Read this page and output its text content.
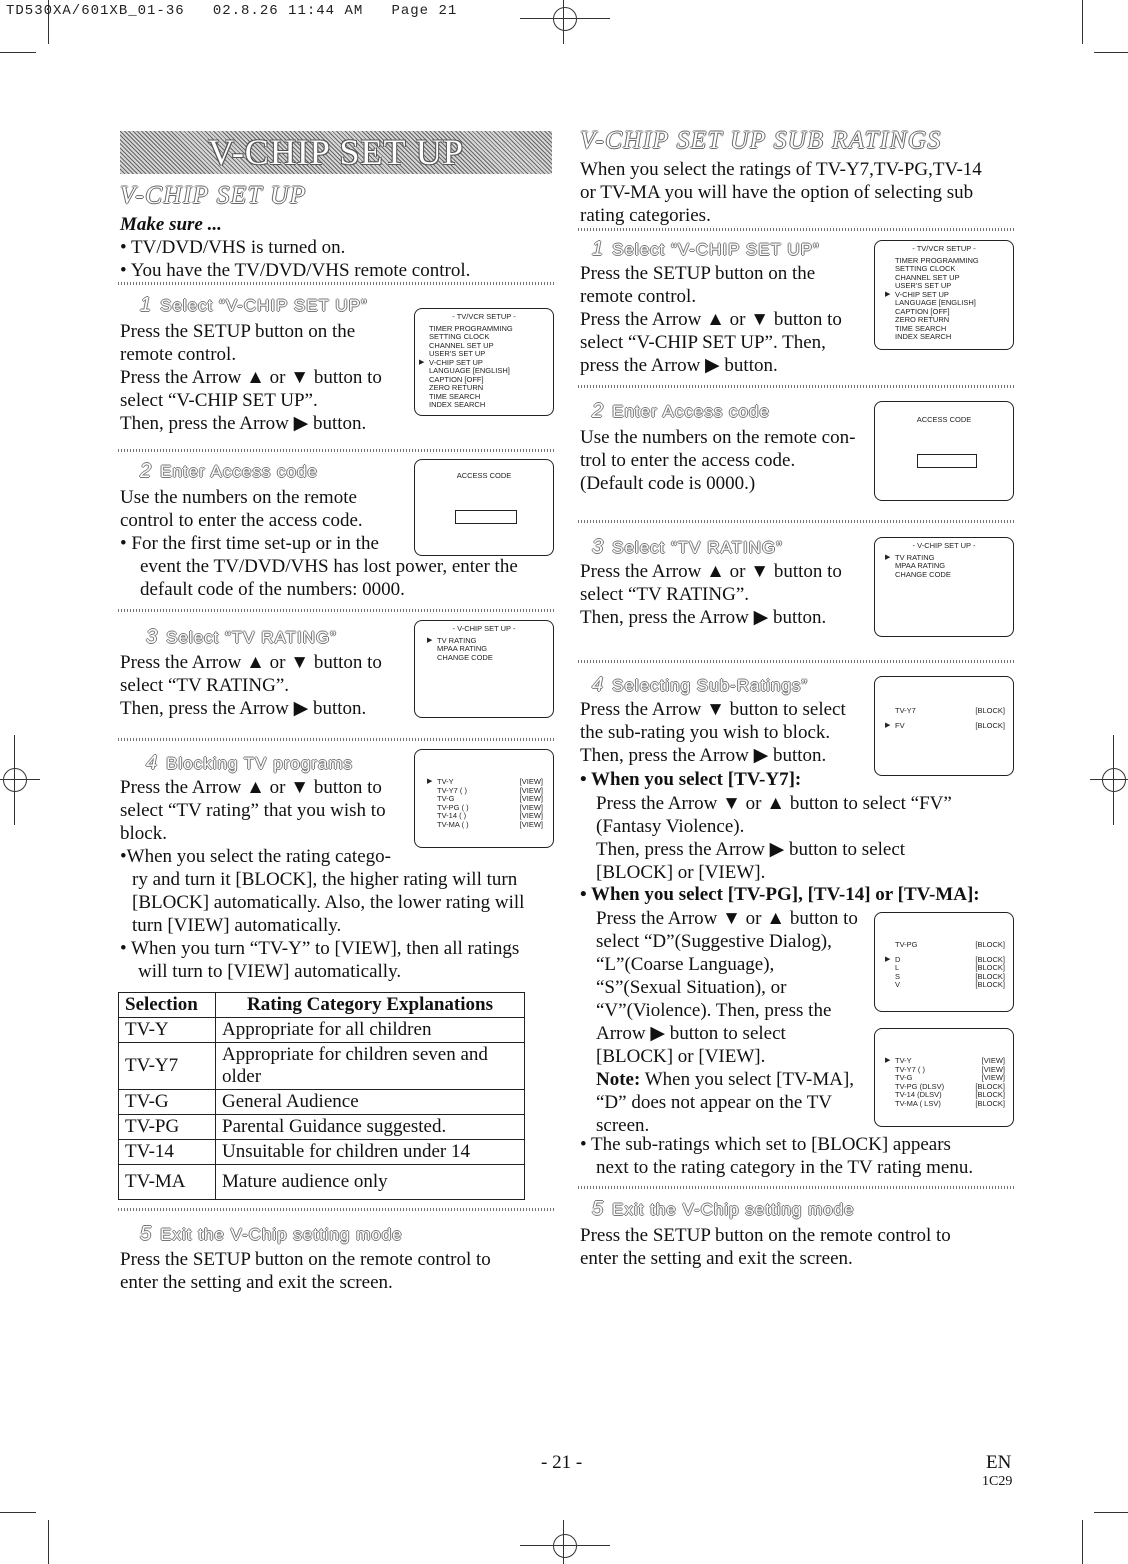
TD530XA/601XB_01-36   02.8.26 11:44 AM   Page 21
V-CHIP SET UP
V-CHIP SET UP
Make sure ...
• TV/DVD/VHS is turned on.
• You have the TV/DVD/VHS remote control.
1 Select “V-CHIP SET UP”
Press the SETUP button on the
remote control.
Press the Arrow ▲ or ▼ button to
select “V-CHIP SET UP”.
Then, press the Arrow ▶ button.
- TV/VCR SETUP -
TIMER PROGRAMMING
SETTING CLOCK
CHANNEL SET UP
USER'S SET UP
▶ V-CHIP SET UP
LANGUAGE [ENGLISH]
CAPTION [OFF]
ZERO RETURN
TIME SEARCH
INDEX SEARCH
2 Enter Access code
Use the numbers on the remote
control to enter the access code.
• For the first time set-up or in the
event the TV/DVD/VHS has lost power, enter the
default code of the numbers: 0000.
ACCESS CODE
3 Select “TV RATING”
Press the Arrow ▲ or ▼ button to
select “TV RATING”.
Then, press the Arrow ▶ button.
- V-CHIP SET UP -
▶ TV RATING
MPAA RATING
CHANGE CODE
4 Blocking TV programs
Press the Arrow ▲ or ▼ button to
select “TV rating” that you wish to
block.
•When you select the rating catego-
ry and turn it [BLOCK], the higher rating will turn
[BLOCK] automatically. Also, the lower rating will
turn [VIEW] automatically.
• When you turn “TV-Y” to [VIEW], then all ratings
will turn to [VIEW] automatically.
▶ TV-Y	[VIEW]
TV-Y7 ( )	[VIEW]
TV-G	[VIEW]
TV-PG ( )	[VIEW]
TV-14 ( )	[VIEW]
TV-MA ( )	[VIEW]
Selection	Rating Category Explanations
TV-Y	Appropriate for all children
TV-Y7	Appropriate for children seven and older
TV-G	General Audience
TV-PG	Parental Guidance suggested.
TV-14	Unsuitable for children under 14
TV-MA	Mature audience only
5 Exit the V-Chip setting mode
Press the SETUP button on the remote control to
enter the setting and exit the screen.
V-CHIP SET UP SUB RATINGS
When you select the ratings of TV-Y7,TV-PG,TV-14
or TV-MA you will have the option of selecting sub
rating categories.
1 Select “V-CHIP SET UP”
Press the SETUP button on the
remote control.
Press the Arrow ▲ or ▼ button to
select “V-CHIP SET UP”. Then,
press the Arrow ▶ button.
- TV/VCR SETUP -
TIMER PROGRAMMING
SETTING CLOCK
CHANNEL SET UP
USER'S SET UP
▶ V-CHIP SET UP
LANGUAGE [ENGLISH]
CAPTION [OFF]
ZERO RETURN
TIME SEARCH
INDEX SEARCH
2 Enter Access code
Use the numbers on the remote con-
trol to enter the access code.
(Default code is 0000.)
ACCESS CODE
3 Select “TV RATING”
Press the Arrow ▲ or ▼ button to
select “TV RATING”.
Then, press the Arrow ▶ button.
- V-CHIP SET UP -
▶ TV RATING
MPAA RATING
CHANGE CODE
4 Selecting Sub-Ratings”
Press the Arrow ▼ button to select
the sub-rating you wish to block.
Then, press the Arrow ▶ button.
TV-Y7	[BLOCK]
▶ FV	[BLOCK]
• When you select [TV-Y7]:
Press the Arrow ▼ or ▲ button to select “FV”
(Fantasy Violence).
Then, press the Arrow ▶ button to select
[BLOCK] or [VIEW].
• When you select [TV-PG], [TV-14] or [TV-MA]:
Press the Arrow ▼ or ▲ button to
select “D”(Suggestive Dialog),
“L”(Coarse Language),
“S”(Sexual Situation), or
“V”(Violence). Then, press the
Arrow ▶ button to select
[BLOCK] or [VIEW].
Note: When you select [TV-MA],
“D” does not appear on the TV
screen.
TV-PG	[BLOCK]
▶ D	[BLOCK]
L	[BLOCK]
S	[BLOCK]
V	[BLOCK]
▶ TV-Y	[VIEW]
TV-Y7 ( )	[VIEW]
TV-G	[VIEW]
TV-PG (DLSV)	[BLOCK]
TV-14 (DLSV)	[BLOCK]
TV-MA ( LSV)	[BLOCK]
• The sub-ratings which set to [BLOCK] appears
next to the rating category in the TV rating menu.
5 Exit the V-Chip setting mode
Press the SETUP button on the remote control to
enter the setting and exit the screen.
- 21 -	EN
1C29
